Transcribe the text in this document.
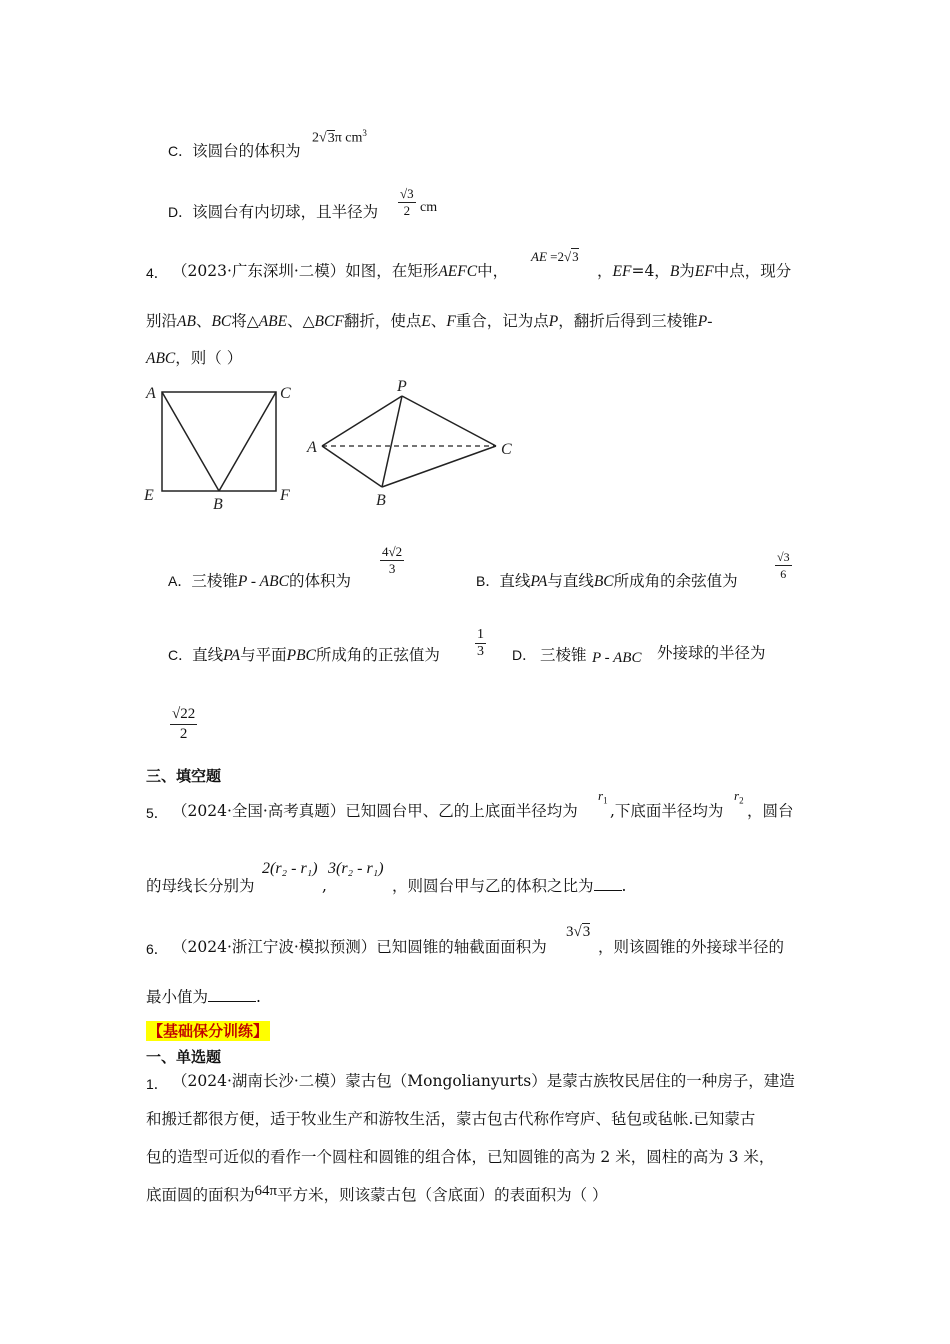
C．该圆台的体积为
2√3π $cm^3$
D．该圆台有内切球，且半径为 $\frac{√3}{2}$ cm
4． （2023·广东深圳·二模）如图，在矩形AEFC中，
AE =2√3
，EF=4，B为EF中点，现分
别沿AB、BC将△ABE、△BCF翻折，使点E、F重合，记为点P，翻折后得到三棱锥P-
ABC，则（ ）
A	C
E
B
F
P
A	C
B
A．三棱锥P - ABC的体积为
$\frac{4√2}{3}$
B．直线PA与直线BC所成角的余弦值为	$\frac{√3}{6}$
C．直线PA与平面PBC所成角的正弦值为	$\frac{1}{3}$ D． 三棱锥 P - ABC 外接球的半径为
$\frac{√22}{2}$
三、填空题
5． （2024·全国·高考真题）已知圆台甲、乙的上底面半径均为
$r_1$
,下底面半径均为
$r_2$
，圆台
的母线长分别为
2(r₂ - r₁)
,
3(r₂ - r₁)
，则圆台甲与乙的体积之比为 .
6． （2024·浙江宁波·模拟预测）已知圆锥的轴截面面积为
3√3
，则该圆锥的外接球半径的
最小值为	.
【基础保分训练】
一、单选题
1． （2024·湖南长沙·二模）蒙古包（Mongolianyurts）是蒙古族牧民居住的一种房子，建造
和搬迁都很方便，适于牧业生产和游牧生活，蒙古包古代称作穹庐、毡包或毡帐.已知蒙古
包的造型可近似的看作一个圆柱和圆锥的组合体，已知圆锥的高为 2 米，圆柱的高为 3 米，
底面圆的面积为64π平方米，则该蒙古包（含底面）的表面积为（ ）
